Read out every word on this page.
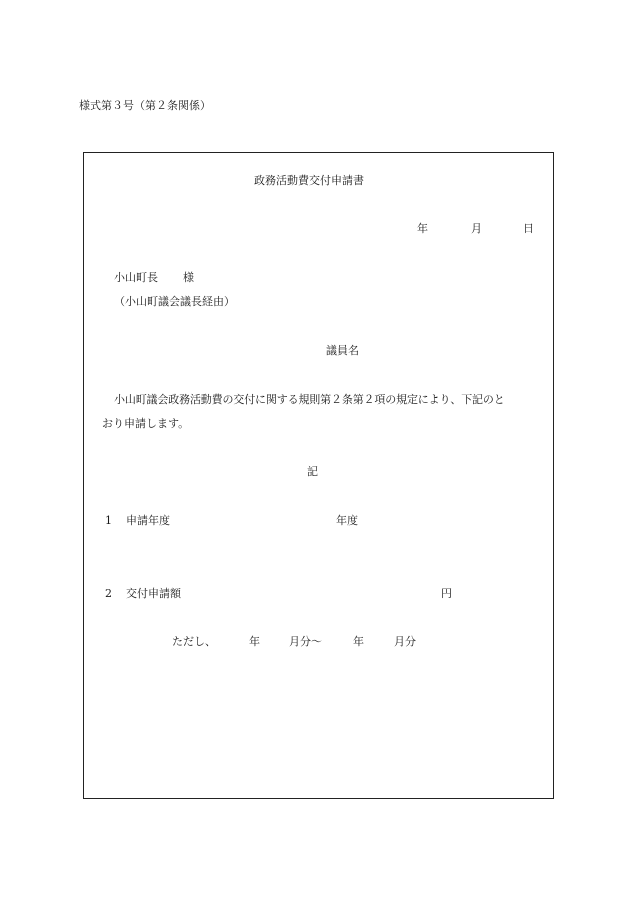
様式第３号（第２条関係）
政務活動費交付申請書
年	月	日
小山町長 様
（小山町議会議長経由）
議員名
小山町議会政務活動費の交付に関する規則第２条第２項の規定により、下記のと
おり申請します。
記
1 申請年度	年度
2 交付申請額	円
ただし、	年	月分～	年	月分
